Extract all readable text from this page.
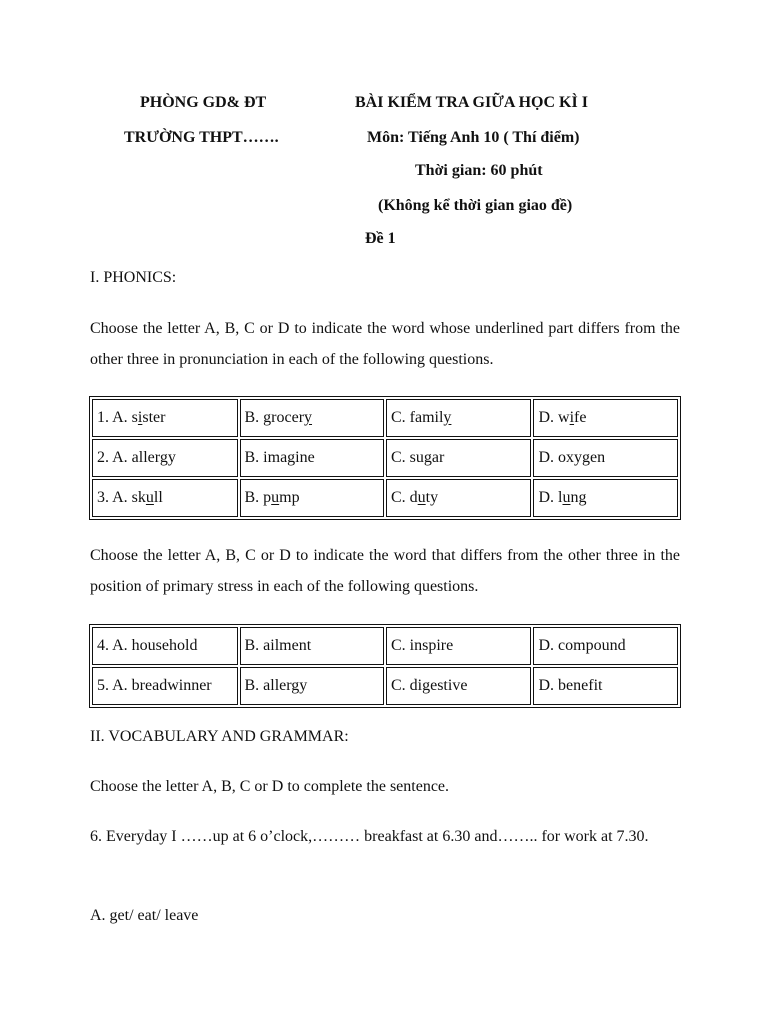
PHÒNG GD& ĐT
TRƯỜNG THPT…….
BÀI KIỂM TRA GIỮA HỌC KÌ I
Môn: Tiếng Anh 10 ( Thí điểm)
Thời gian: 60 phút
(Không kể thời gian giao đề)
Đề 1
I. PHONICS:
Choose the letter A, B, C or D to indicate the word whose underlined part differs from the other three in pronunciation in each of the following questions.
1. A. sister	B. grocery	C. family	D. wife
2. A. allergy	B. imagine	C. sugar	D. oxygen
3. A. skull	B. pump	C. duty	D. lung
Choose the letter A, B, C or D to indicate the word that differs from the other three in the position of primary stress in each of the following questions.
4. A. household	B. ailment	C. inspire	D. compound
5. A. breadwinner	B. allergy	C. digestive	D. benefit
II. VOCABULARY AND GRAMMAR:
Choose the letter A, B, C or D to complete the sentence.
6. Everyday I ……up at 6 o’clock,……… breakfast at 6.30 and…….. for work at 7.30.
A. get/ eat/ leave
